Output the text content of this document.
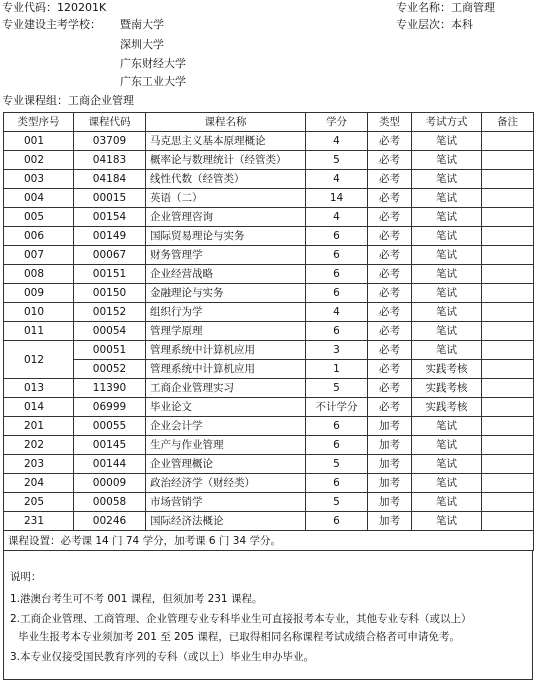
专业代码：120201K	专业名称：工商管理
专业建设主考学校： 暨南大学
深圳大学
广东财经大学
广东工业大学
专业层次：本科
专业课程组：工商企业管理
类型序号	课程代码	课程名称	学分	类型	考试方式	备注
001	03709	马克思主义基本原理概论	4	必考	笔试	
002	04183	概率论与数理统计（经管类）	5	必考	笔试	
003	04184	线性代数（经管类）	4	必考	笔试	
004	00015	英语（二）	14	必考	笔试	
005	00154	企业管理咨询	4	必考	笔试	
006	00149	国际贸易理论与实务	6	必考	笔试	
007	00067	财务管理学	6	必考	笔试	
008	00151	企业经营战略	6	必考	笔试	
009	00150	金融理论与实务	6	必考	笔试	
010	00152	组织行为学	4	必考	笔试	
011	00054	管理学原理	6	必考	笔试	
012	00051	管理系统中计算机应用	3	必考	笔试	
	00052	管理系统中计算机应用	1	必考	实践考核	
013	11390	工商企业管理实习	5	必考	实践考核	
014	06999	毕业论文	不计学分	必考	实践考核	
201	00055	企业会计学	6	加考	笔试	
202	00145	生产与作业管理	6	加考	笔试	
203	00144	企业管理概论	5	加考	笔试	
204	00009	政治经济学（财经类）	6	加考	笔试	
205	00058	市场营销学	5	加考	笔试	
231	00246	国际经济法概论	6	加考	笔试	
课程设置：必考课 14 门 74 学分，加考课 6 门 34 学分。						
说明：
1.港澳台考生可不考 001 课程，但须加考 231 课程。
2.工商企业管理、工商管理、企业管理专业专科毕业生可直接报考本专业，其他专业专科（或以上）
毕业生报考本专业须加考 201 至 205 课程，已取得相同名称课程考试成绩合格者可申请免考。
3.本专业仅接受国民教育序列的专科（或以上）毕业生申办毕业。
